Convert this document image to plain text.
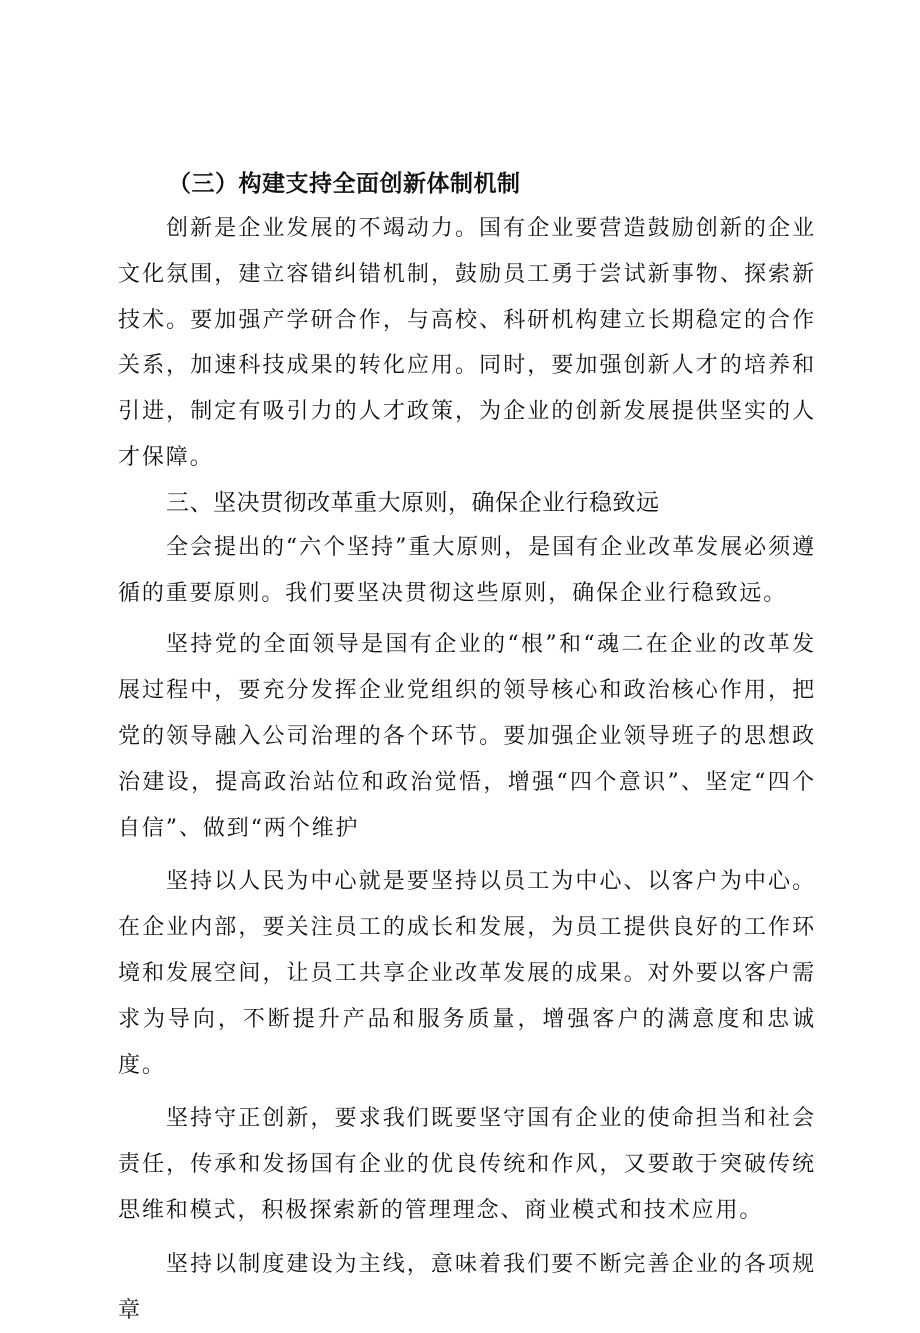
（三）构建支持全面创新体制机制

创新是企业发展的不竭动力。国有企业要营造鼓励创新的企业文化氛围，建立容错纠错机制，鼓励员工勇于尝试新事物、探索新技术。要加强产学研合作，与高校、科研机构建立长期稳定的合作关系，加速科技成果的转化应用。同时，要加强创新人才的培养和引进，制定有吸引力的人才政策，为企业的创新发展提供坚实的人才保障。

三、坚决贯彻改革重大原则，确保企业行稳致远

全会提出的“六个坚持”重大原则，是国有企业改革发展必须遵循的重要原则。我们要坚决贯彻这些原则，确保企业行稳致远。

坚持党的全面领导是国有企业的“根”和“魂二在企业的改革发展过程中，要充分发挥企业党组织的领导核心和政治核心作用，把党的领导融入公司治理的各个环节。要加强企业领导班子的思想政治建设，提高政治站位和政治觉悟，增强“四个意识”、坚定“四个自信”、做到“两个维护

坚持以人民为中心就是要坚持以员工为中心、以客户为中心。在企业内部，要关注员工的成长和发展，为员工提供良好的工作环境和发展空间，让员工共享企业改革发展的成果。对外要以客户需求为导向，不断提升产品和服务质量，增强客户的满意度和忠诚度。

坚持守正创新，要求我们既要坚守国有企业的使命担当和社会责任，传承和发扬国有企业的优良传统和作风，又要敢于突破传统思维和模式，积极探索新的管理理念、商业模式和技术应用。

坚持以制度建设为主线，意味着我们要不断完善企业的各项规章
